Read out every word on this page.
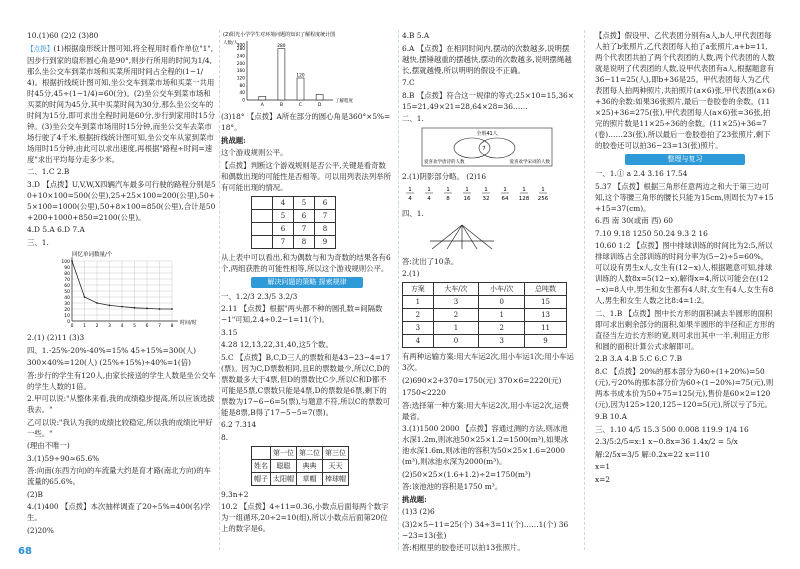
10.(1)60 (2)2 (3)80
【点拨】(1)根据扇形统计图可知,将全程用时看作单位"1",因步行到家的扇形圆心角是90°,则步行所用的时间为1/4,那么坐公交车到菜市场和买菜所用时间占全程的(1−1/4)。根据折线统计图可知,坐公交车到菜市场和买菜一共用时45分,45÷(1−1/4)=60(分)。(2)坐公交车到菜市场和买菜的时间为45分,其中买菜时间为30分,那么坐公交车的时间为15分,即可求出全程时间是60分,步行到家用时15分钟。(3)坐公交车到菜市场用时15分钟,而坐公交车去菜市场行驶了4千米,根据折线统计图可知,坐公交车从家到菜市场用时15分钟,由此可以求出速度,再根据"路程÷时间=速度"求出平均每分走多少米。
二、1.C 2.B
3.D 【点拨】U,V,W,X四辆汽车最多可行驶的路程分别是50+10×100=500(公里),25+25×100=200(公里),50+5×100=1000(公里),50+8×100=850(公里),合计是50+200+1000+850=2100(公里)。
4.D 5.A 6.D 7.A
三、1.
回忆单词数量/个
100
90
80
70
60
50
40
30
20
10
0
0 1 2 3 4 5 6 7 8
时间/时
2.(1) (2)11 (3)3
四、1.-25%-20%-40%=15% 45÷15%=300(人)
300×40%=120(人) (25%+15%)÷40%=1(倍)
答:步行的学生有120人,由家长接送的学生人数是坐公交车的学生人数的1倍。
2.甲可以说:"从整体来看,我的成绩稳步提高,所以应该选拔我去。"
乙可以说:"我认为我的成绩比较稳定,所以我的成绩比甲好一些。"
(理由不唯一)
3.(1)59÷90≈65.6%
答:向南(东西方向)的车流量大约是育才路(南北方向)的车流量的65.6%。
(2)B
4.(1)400 【点拨】本次抽样调查了20÷5%=400(名)学生。
(2)20%
(2)阳光小学学生对环境问题的知识了解程度统计图
人数/人
300
280
240
200
160
120
80
40
0
A	B
280
C
120
D
了解程度
(3)18° 【点拨】A所在部分的圆心角是360°×5%=18°。
挑战题:
这个游戏规则公平。
【点拨】判断这个游戏规则是否公平,关键是看奇数和偶数出现的可能性是否相等。可以用列表法列举所有可能出现的情况。
	4	5	6
	5	6	7
	6	7	8
	7	8	9
从上表中可以看出,和为偶数与和为奇数的结果各有6个,两组获胜的可能性相等,所以这个游戏规则公平。
解决问题的策略 探索规律
一、1.2/3 2.3/5 3.2/3
2.11 【点拨】根据"两头都不种的圆孔数=间隔数−1"可知,2.4÷0.2−1=11(个)。
3.15
4.28 12,13,22,31,40,这5个数。
5.C 【点拨】B,C,D三人的票数和是43−23−4=17(票)。因为C,D票数相同,且E的票数最少,所以C,D的票数最多大于4票,但D的票数比C少,所以C和D都不可能是5票,C票数只能是4票,D的票数是6票,剩下的票数为17−6−6=5(票),与题意不符,所以C的票数可能是8票,B得了17−5−5=7(票)。
6.2 7.314
8.
	第一位	第二位	第三位
姓名	聪聪	典典	天天
帽子	太阳帽	草帽	棒球帽
9.3n+2
10.2 【点拨】4÷11=0.36,小数点后面每两个数字为一组循环,20÷2=10(组),所以小数点后面第20位上的数字是6。
4.B 5.A
6.A 【点拨】在相同时间内,摆动的次数越多,说明摆越快,摆锤越重的摆越快,摆动的次数越多,说明摆绳越长,摆就越慢,所以明明的假设不正确。
7.C
8.B 【点拨】符合这一规律的等式:25×10=15,36×15=21,49×21=28,64×28=36……
二、1.
全班41人
7
爱喜欢学唐诗的人数	爱喜欢学宋词的人数
2.(1)阴影部分略。 (2)16
1
4
1
4
1
8
1
16
1
32
1
64
1
128
1
256
四、1.
答:沈出了10条。
2.(1)
方案	大车/次	小车/次	总吨数
1	3	0	15
2	2	1	13
3	1	2	11
4	0	3	9
有两种运输方案:用大车运2次,用小车运1次;用小车运3次。
(2)690×2+370=1750(元) 370×6=2220(元)
1750<2220
答:选择第一种方案:用大车运2次,用小车运2次,运费最省。
3.(1)1500 2000 【点拨】容通过测的方法,则冰池水深1.2m,则冰池50×25×1.2=1500(m³),如果冰池水深1.6m,则冰池的容积为50×25×1.6=2000(m³),则冰池水深为2000(m³)。
(2)50×25×(1.6+1.2)÷2=1750(m³)
答:该池池的容积是1750 m³。
挑战题:
(1)3 (2)6
(3)2×5−11=25(个) 34÷3=11(个)……1(个) 36−23=13(张)
答:相框里的胶卷还可以拍13张照片。
【点拨】假设甲、乙代表团分别有a人,b人,甲代表团每人拍了b张照片,乙代表团每人拍了a张照片,a+b=11,两个代表团共拍了两个代表团的人数,两个代表团的人数就是说明了代表团的人数,设甲代表团有a人,根据题意有36−11=25(人),即b+36是25。甲代表团每人为乙代表团每人拍两种照片,共拍照片(a×6)张,甲代表团(a×6)+36的余数:如果36张照片,最后一卷胶卷的余数。(11×25)+36=275(张),甲代表团每人(a×6)张=36张,拍完的照片数是11×25÷36的余数。(11×25)+36=7(卷)……23(张),所以最后一卷胶卷拍了23张照片,剩下的胶卷还可以拍36−23=13(张)照片。
整理与复习
一、1.① a 2.4 3.16 17.54
5.37 【点拨】根据三角形任意两边之和大于第三边可知,这个等腰三角形的腰长只能为15cm,则周长为7+15+15=37(cm)。
6.西 南 30(或南 西) 60
7.10 9.18 1250 50.24 9.3 2 16
10.60 1:2 【点拨】图中排球训练的时间比为2:5,所以排球训练占全部训练的时间分率为(5−2)÷5=60%。可以设有男生x人,女生有(12−x)人,根据题意可知,排球训练的人数8x=5(12−x),解得x=4,所以可能会在(12−x)=8人中,男生和女生都有4人时,女生有4人,女生有8人,男生和女生人数之比8:4=1:2。
二、1.B 【点拨】图中长方形的面积减去半圆形的面积即可求出剩余部分的面积,如果半圆形的半径和正方形的直径当左边长方形的宽,则可求出其中一半,利用正方形和圆的面积计算公式求解即可。
2.B 3.A 4.B 5.C 6.C 7.B
8.C 【点拨】20%的那本部分为60÷(1+20%)=50(元),亏20%的那本部分价为60÷(1−20%)=75(元),则两本书成本价为50+75=125(元),售价是60×2=120(元),因为125>120,125−120=5(元),所以亏了5元。
9.B 10.A
三、1.10 4/5 15.3 500 0.008 119.9 1/4 16
2.3/5:2/5=x:1 x−0.8x=36 1.4x/2 = 5/x
解:2/5x=3/5 解:0.2x=22 x=110
x=1
x=2
68
